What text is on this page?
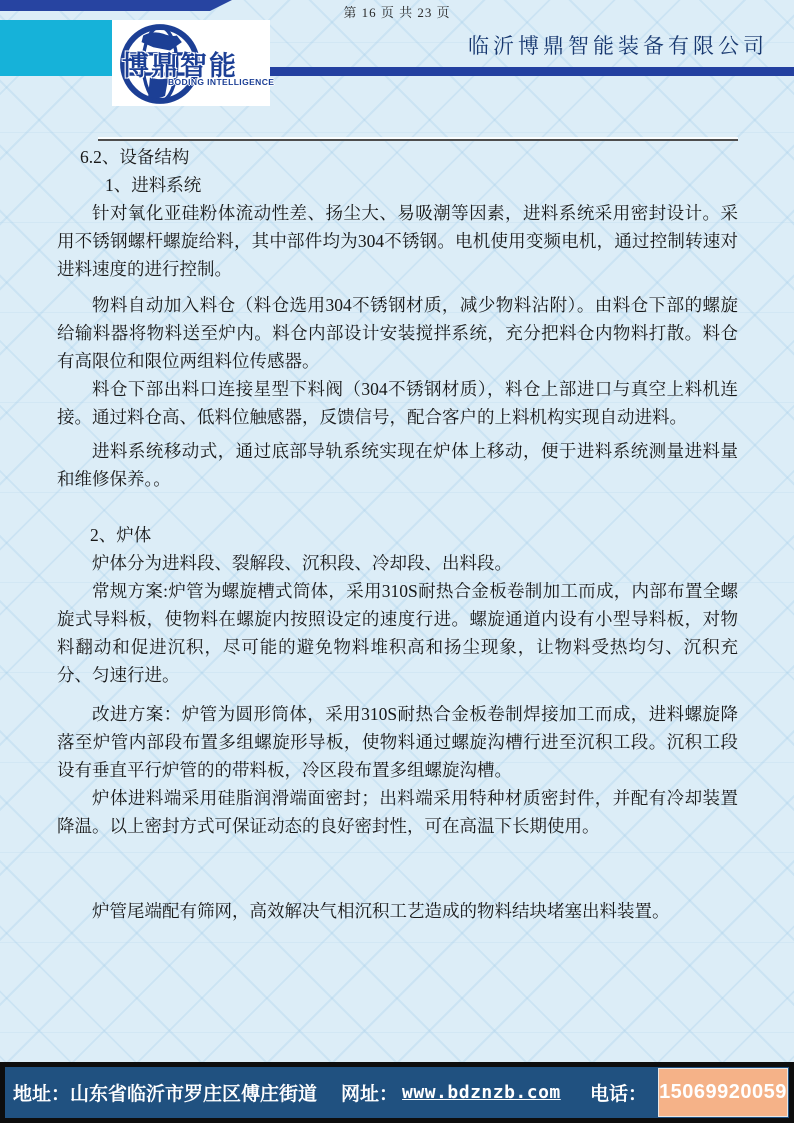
第 16 页 共 23 页
博鼎智能
BODING INTELLIGENCE
临沂博鼎智能装备有限公司
6.2、设备结构
1、进料系统

针对氧化亚硅粉体流动性差、扬尘大、易吸潮等因素，进料系统采用密封设计。采用不锈钢螺杆螺旋给料，其中部件均为304不锈钢。电机使用变频电机，通过控制转速对进料速度的进行控制。

物料自动加入料仓（料仓选用304不锈钢材质，减少物料沾附）。由料仓下部的螺旋给输料器将物料送至炉内。料仓内部设计安装搅拌系统，充分把料仓内物料打散。料仓有高限位和限位两组料位传感器。

料仓下部出料口连接星型下料阀（304不锈钢材质），料仓上部进口与真空上料机连接。通过料仓高、低料位触感器，反馈信号，配合客户的上料机构实现自动进料。

进料系统移动式，通过底部导轨系统实现在炉体上移动，便于进料系统测量进料量和维修保养。。

2、炉体

炉体分为进料段、裂解段、沉积段、冷却段、出料段。

常规方案:炉管为螺旋槽式筒体，采用310S耐热合金板卷制加工而成，内部布置全螺旋式导料板，使物料在螺旋内按照设定的速度行进。螺旋通道内设有小型导料板，对物料翻动和促进沉积，尽可能的避免物料堆积高和扬尘现象，让物料受热均匀、沉积充分、匀速行进。

改进方案：炉管为圆形筒体，采用310S耐热合金板卷制焊接加工而成，进料螺旋降落至炉管内部段布置多组螺旋形导板，使物料通过螺旋沟槽行进至沉积工段。沉积工段设有垂直平行炉管的的带料板，冷区段布置多组螺旋沟槽。

炉体进料端采用硅脂润滑端面密封；出料端采用特种材质密封件，并配有冷却装置降温。以上密封方式可保证动态的良好密封性，可在高温下长期使用。

炉管尾端配有筛网，高效解决气相沉积工艺造成的物料结块堵塞出料装置。

地址： 山东省临沂市罗庄区傅庄街道 网址： www.bdznzb.com 电话： 15069920059
